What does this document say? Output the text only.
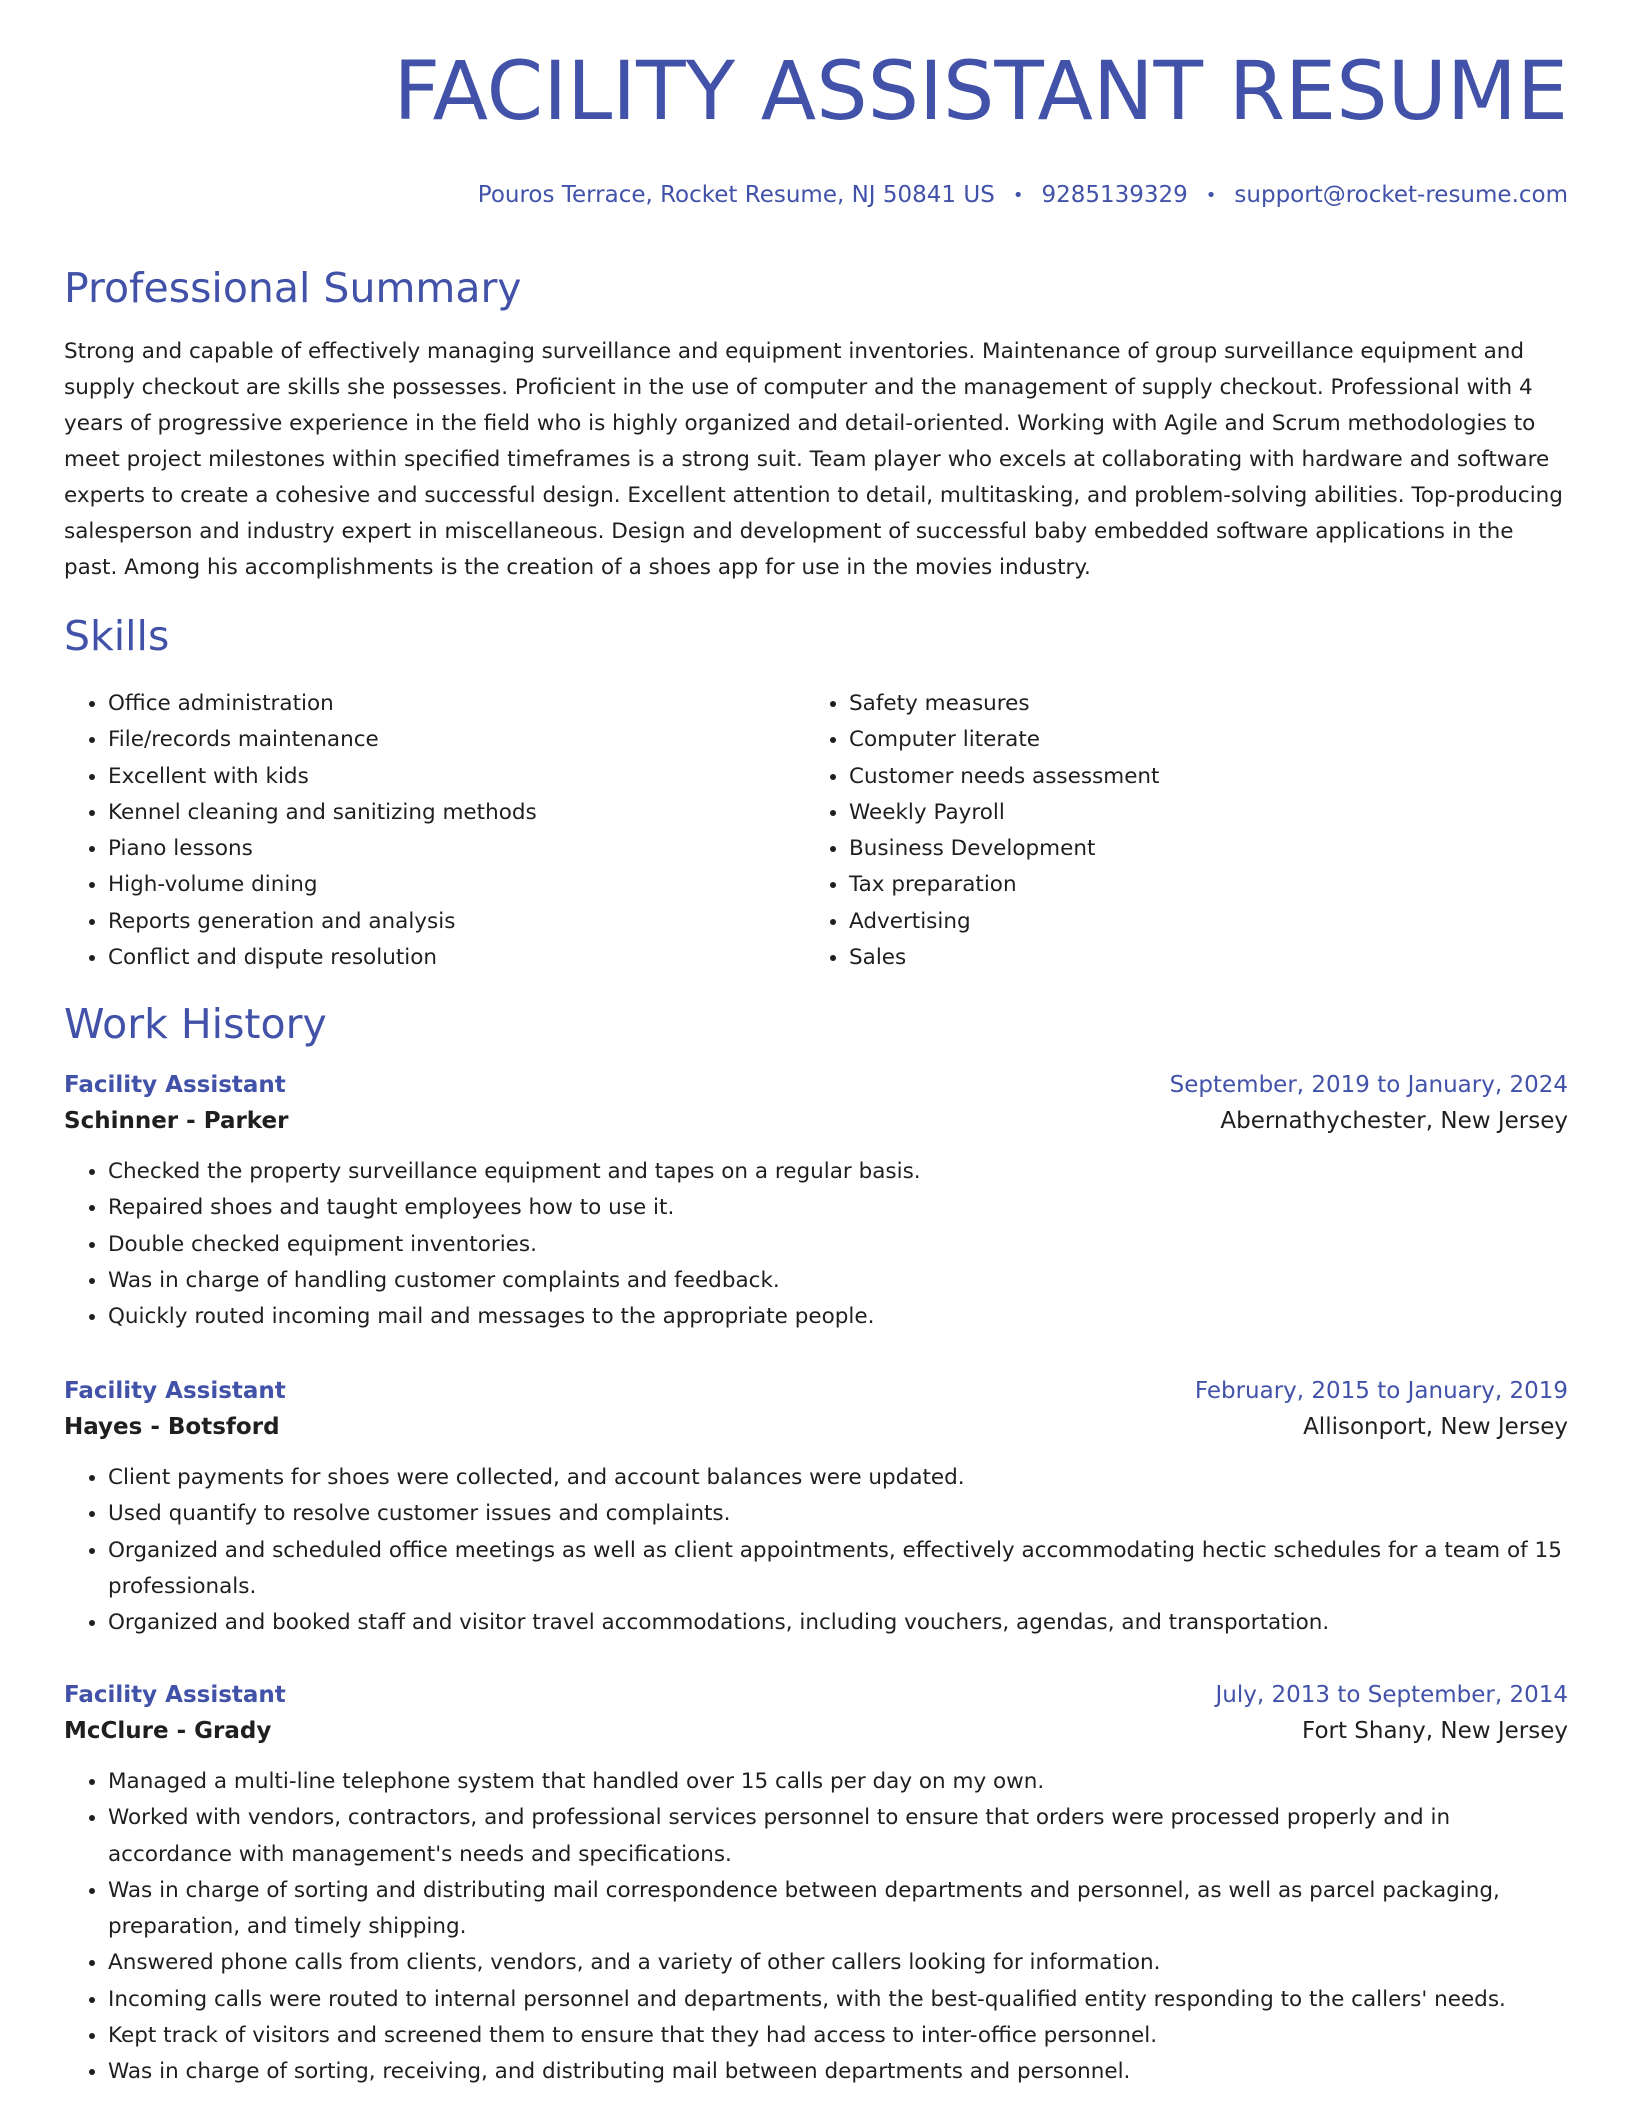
FACILITY ASSISTANT RESUME
Pouros Terrace, Rocket Resume, NJ 50841 US • 9285139329 • support@rocket-resume.com
Professional Summary

Strong and capable of effectively managing surveillance and equipment inventories. Maintenance of group surveillance equipment and supply checkout are skills she possesses. Proficient in the use of computer and the management of supply checkout. Professional with 4 years of progressive experience in the field who is highly organized and detail-oriented. Working with Agile and Scrum methodologies to meet project milestones within specified timeframes is a strong suit. Team player who excels at collaborating with hardware and software experts to create a cohesive and successful design. Excellent attention to detail, multitasking, and problem-solving abilities. Top-producing salesperson and industry expert in miscellaneous. Design and development of successful baby embedded software applications in the past. Among his accomplishments is the creation of a shoes app for use in the movies industry.

Skills
• Office administration
• File/records maintenance
• Excellent with kids
• Kennel cleaning and sanitizing methods
• Piano lessons
• High-volume dining
• Reports generation and analysis
• Conflict and dispute resolution
• Safety measures
• Computer literate
• Customer needs assessment
• Weekly Payroll
• Business Development
• Tax preparation
• Advertising
• Sales
Work History
Facility Assistant	September, 2019 to January, 2024
Schinner - Parker	Abernathychester, New Jersey
• Checked the property surveillance equipment and tapes on a regular basis.
• Repaired shoes and taught employees how to use it.
• Double checked equipment inventories.
• Was in charge of handling customer complaints and feedback.
• Quickly routed incoming mail and messages to the appropriate people.
Facility Assistant	February, 2015 to January, 2019
Hayes - Botsford	Allisonport, New Jersey
• Client payments for shoes were collected, and account balances were updated.
• Used quantify to resolve customer issues and complaints.
• Organized and scheduled office meetings as well as client appointments, effectively accommodating hectic schedules for a team of 15 professionals.
• Organized and booked staff and visitor travel accommodations, including vouchers, agendas, and transportation.
Facility Assistant	July, 2013 to September, 2014
McClure - Grady	Fort Shany, New Jersey
• Managed a multi-line telephone system that handled over 15 calls per day on my own.
• Worked with vendors, contractors, and professional services personnel to ensure that orders were processed properly and in accordance with management's needs and specifications.
• Was in charge of sorting and distributing mail correspondence between departments and personnel, as well as parcel packaging, preparation, and timely shipping.
• Answered phone calls from clients, vendors, and a variety of other callers looking for information.
• Incoming calls were routed to internal personnel and departments, with the best-qualified entity responding to the callers' needs.
• Kept track of visitors and screened them to ensure that they had access to inter-office personnel.
• Was in charge of sorting, receiving, and distributing mail between departments and personnel.
